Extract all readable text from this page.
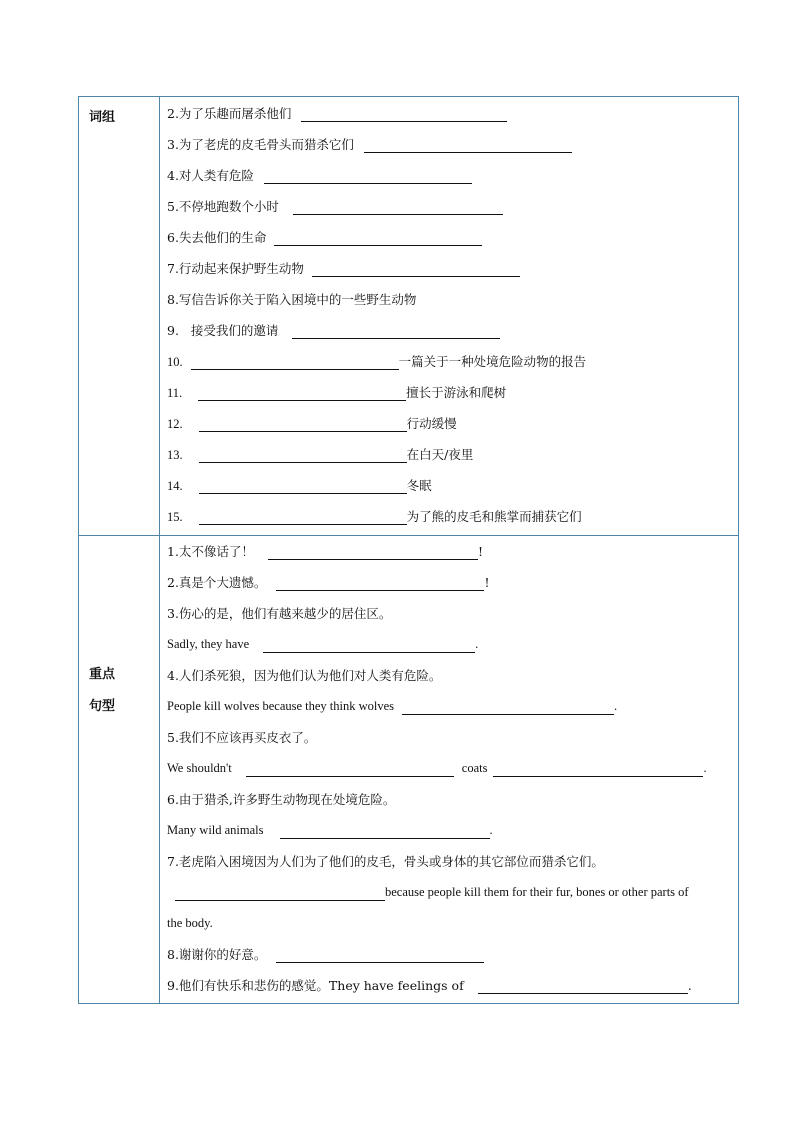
词组	2.为了乐趣而屠杀他们
3.为了老虎的皮毛骨头而猎杀它们
4.对人类有危险
5.不停地跑数个小时
6.失去他们的生命
7.行动起来保护野生动物
8.写信告诉你关于陷入困境中的一些野生动物
9.   接受我们的邀请
10.	一篇关于一种处境危险动物的报告
11.	擅长于游泳和爬树
12.	行动缓慢
13.	在白天/夜里
14.	冬眠
15.	为了熊的皮毛和熊掌而捕获它们
重点
句型
1.太不像话了！	!
2.真是个大遗憾。	!
3.伤心的是，他们有越来越少的居住区。
Sadly, they have	.
4.人们杀死狼，因为他们认为他们对人类有危险。
People kill wolves because they think wolves	.
5.我们不应该再买皮衣了。
We shouldn't	coats	.
6.由于猎杀,许多野生动物现在处境危险。
Many wild animals	.
7.老虎陷入困境因为人们为了他们的皮毛，骨头或身体的其它部位而猎杀它们。
because people kill them for their fur, bones or other parts of
the body.
8.谢谢你的好意。
9.他们有快乐和悲伤的感觉。They have feelings of	.
